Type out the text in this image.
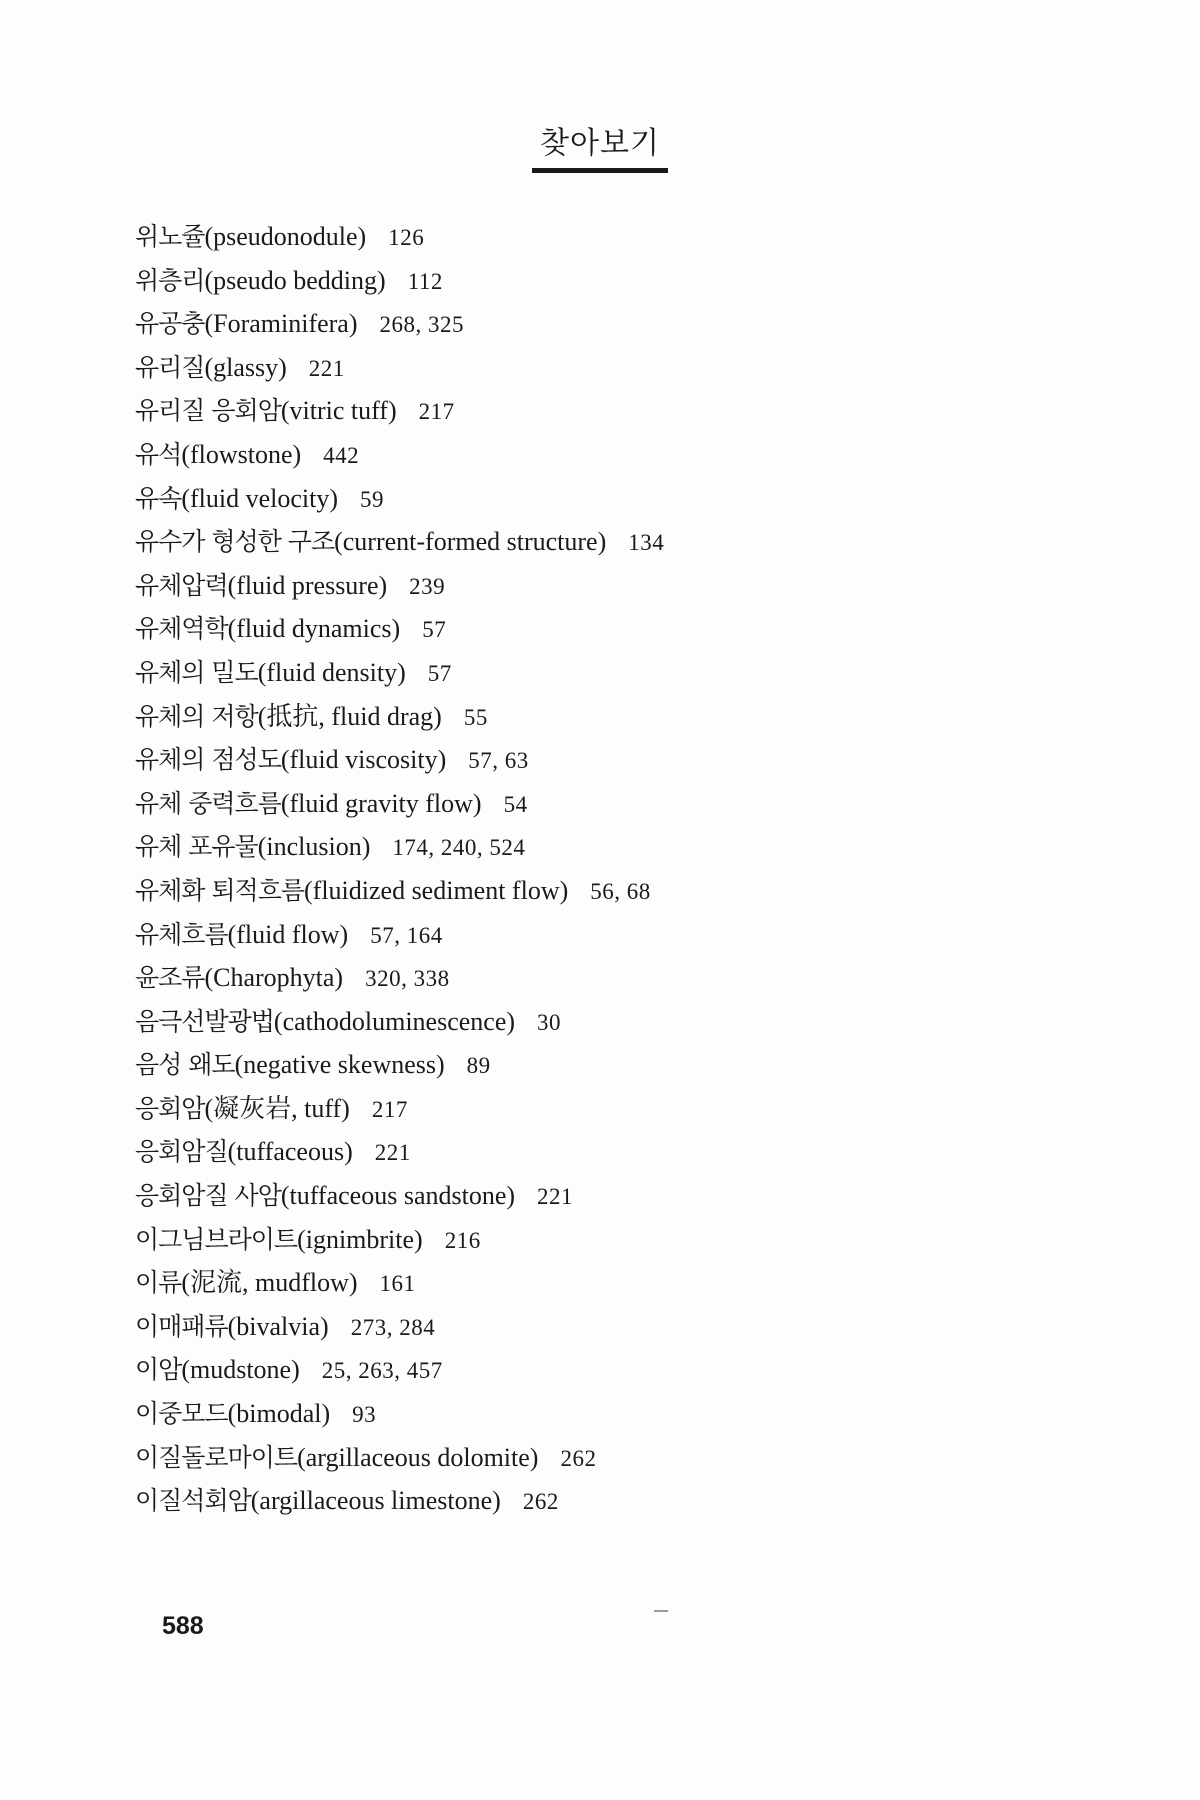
찾아보기
위노쥴(pseudonodule) 126
위층리(pseudo bedding) 112
유공충(Foraminifera) 268, 325
유리질(glassy) 221
유리질 응회암(vitric tuff) 217
유석(flowstone) 442
유속(fluid velocity) 59
유수가 형성한 구조(current-formed structure) 134
유체압력(fluid pressure) 239
유체역학(fluid dynamics) 57
유체의 밀도(fluid density) 57
유체의 저항(抵抗, fluid drag) 55
유체의 점성도(fluid viscosity) 57, 63
유체 중력흐름(fluid gravity flow) 54
유체 포유물(inclusion) 174, 240, 524
유체화 퇴적흐름(fluidized sediment flow) 56, 68
유체흐름(fluid flow) 57, 164
윤조류(Charophyta) 320, 338
음극선발광법(cathodoluminescence) 30
음성 왜도(negative skewness) 89
응회암(凝灰岩, tuff) 217
응회암질(tuffaceous) 221
응회암질 사암(tuffaceous sandstone) 221
이그님브라이트(ignimbrite) 216
이류(泥流, mudflow) 161
이매패류(bivalvia) 273, 284
이암(mudstone) 25, 263, 457
이중모드(bimodal) 93
이질돌로마이트(argillaceous dolomite) 262
이질석회암(argillaceous limestone) 262
588
